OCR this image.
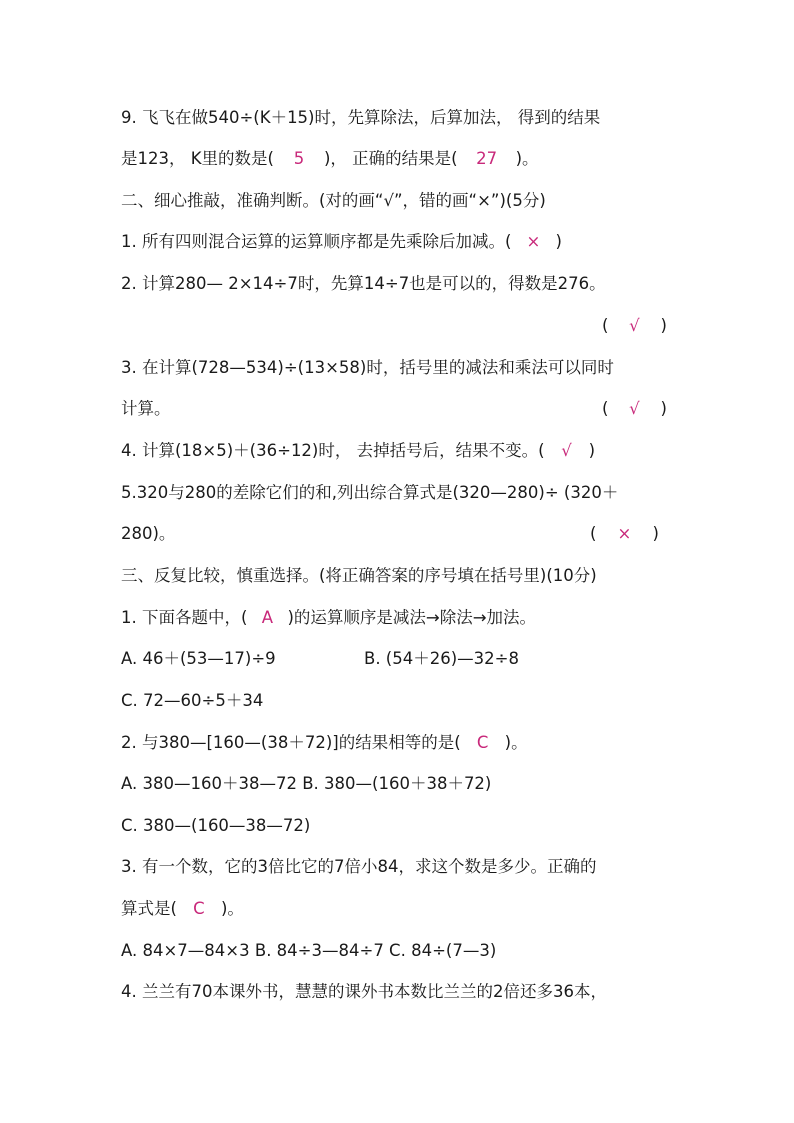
9. 飞飞在做540÷(K＋15)时，先算除法，后算加法， 得到的结果
是123， K里的数是( 5 )， 正确的结果是( 27 )。
二、细心推敲，准确判断。(对的画“√”，错的画“×”)(5分)
1. 所有四则混合运算的运算顺序都是先乘除后加减。( × )
2. 计算280— 2×14÷7时，先算14÷7也是可以的，得数是276。
( √ )
3. 在计算(728—534)÷(13×58)时，括号里的减法和乘法可以同时
计算。	( √ )
4. 计算(18×5)＋(36÷12)时， 去掉括号后，结果不变。( √ )
5.320与280的差除它们的和,列出综合算式是(320—280)÷ (320＋
280)。	( × )
三、反复比较，慎重选择。(将正确答案的序号填在括号里)(10分)
1. 下面各题中，( A )的运算顺序是减法→除法→加法。
A. 46＋(53—17)÷9	B. (54＋26)—32÷8
C. 72—60÷5＋34
2. 与380—[160—(38＋72)]的结果相等的是( C )。
A. 380—160＋38—72 B. 380—(160＋38＋72)
C. 380—(160—38—72)
3. 有一个数，它的3倍比它的7倍小84，求这个数是多少。正确的
算式是( C )。
A. 84×7—84×3 B. 84÷3—84÷7 C. 84÷(7—3)
4. 兰兰有70本课外书，慧慧的课外书本数比兰兰的2倍还多36本，
